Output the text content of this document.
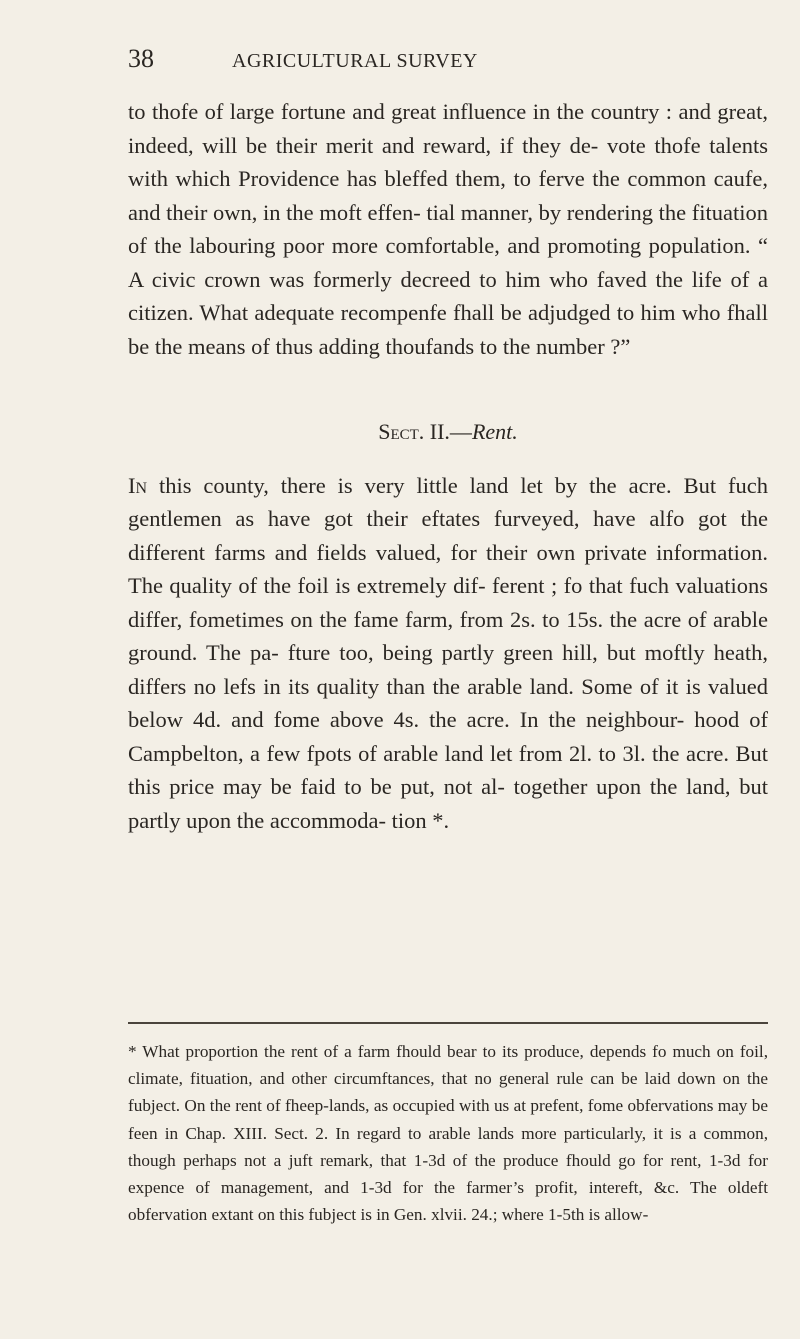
38	AGRICULTURAL SURVEY

to thofe of large fortune and great influence in the country : and great, indeed, will be their merit and reward, if they de- vote thofe talents with which Providence has bleffed them, to ferve the common caufe, and their own, in the moft effen- tial manner, by rendering the fituation of the labouring poor more comfortable, and promoting population. “ A civic crown was formerly decreed to him who faved the life of a citizen. What adequate recompenfe fhall be adjudged to him who fhall be the means of thus adding thoufands to the number ?”

Sect. II.—Rent.

In this county, there is very little land let by the acre. But fuch gentlemen as have got their eftates furveyed, have alfo got the different farms and fields valued, for their own private information. The quality of the foil is extremely dif- ferent ; fo that fuch valuations differ, fometimes on the fame farm, from 2s. to 15s. the acre of arable ground. The pa- fture too, being partly green hill, but moftly heath, differs no lefs in its quality than the arable land. Some of it is valued below 4d. and fome above 4s. the acre. In the neighbour- hood of Campbelton, a few fpots of arable land let from 2l. to 3l. the acre. But this price may be faid to be put, not al- together upon the land, but partly upon the accommoda- tion *.

* What proportion the rent of a farm fhould bear to its produce, depends fo much on foil, climate, fituation, and other circumftances, that no general rule can be laid down on the fubject. On the rent of fheep-lands, as occupied with us at prefent, fome obfervations may be feen in Chap. XIII. Sect. 2. In regard to arable lands more particularly, it is a common, though perhaps not a juft remark, that 1-3d of the produce fhould go for rent, 1-3d for expence of management, and 1-3d for the farmer’s profit, intereft, &c. The oldeft obfervation extant on this fubject is in Gen. xlvii. 24.; where 1-5th is allow-
